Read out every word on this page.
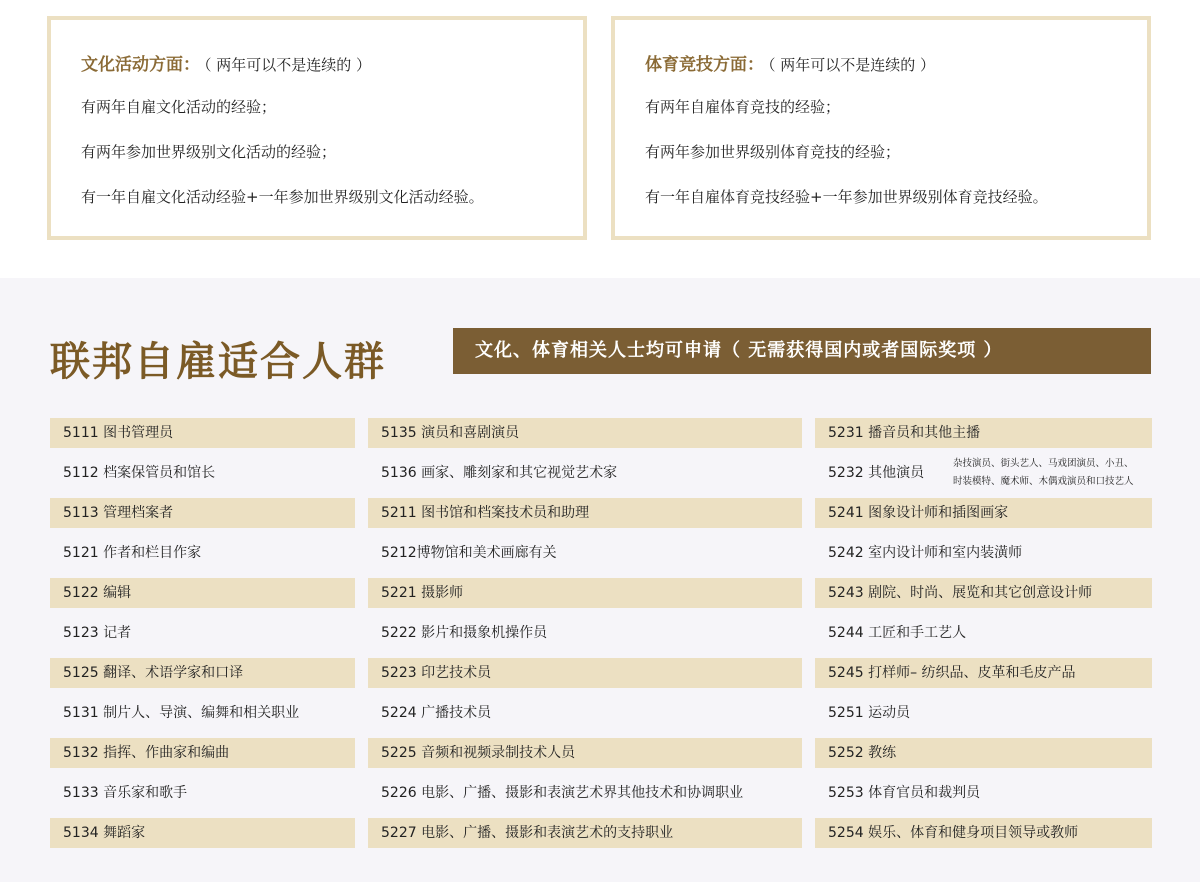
文化活动方面： （ 两年可以不是连续的 ）
有两年自雇文化活动的经验；
有两年参加世界级别文化活动的经验；
有一年自雇文化活动经验+一年参加世界级别文化活动经验。
体育竞技方面： （ 两年可以不是连续的 ）
有两年自雇体育竞技的经验；
有两年参加世界级别体育竞技的经验；
有一年自雇体育竞技经验+一年参加世界级别体育竞技经验。
联邦自雇适合人群	文化、体育相关人士均可申请（ 无需获得国内或者国际奖项 ）
5111 图书管理员
5112 档案保管员和馆长
5113 管理档案者
5121 作者和栏目作家
5122 编辑
5123 记者
5125 翻译、术语学家和口译
5131 制片人、导演、编舞和相关职业
5132 指挥、作曲家和编曲
5133 音乐家和歌手
5134 舞蹈家
5135 演员和喜剧演员
5136 画家、雕刻家和其它视觉艺术家
5211 图书馆和档案技术员和助理
5212博物馆和美术画廊有关
5221 摄影师
5222 影片和摄象机操作员
5223 印艺技术员
5224 广播技术员
5225 音频和视频录制技术人员
5226 电影、广播、摄影和表演艺术界其他技术和协调职业
5227 电影、广播、摄影和表演艺术的支持职业
5231 播音员和其他主播
5232 其他演员
杂技演员、街头艺人、马戏团演员、小丑、
时装模特、魔术师、木偶戏演员和口技艺人
5241 图象设计师和插图画家
5242 室内设计师和室内装潢师
5243 剧院、时尚、展览和其它创意设计师
5244 工匠和手工艺人
5245 打样师– 纺织品、皮革和毛皮产品
5251 运动员
5252 教练
5253 体育官员和裁判员
5254 娱乐、体育和健身项目领导或教师
